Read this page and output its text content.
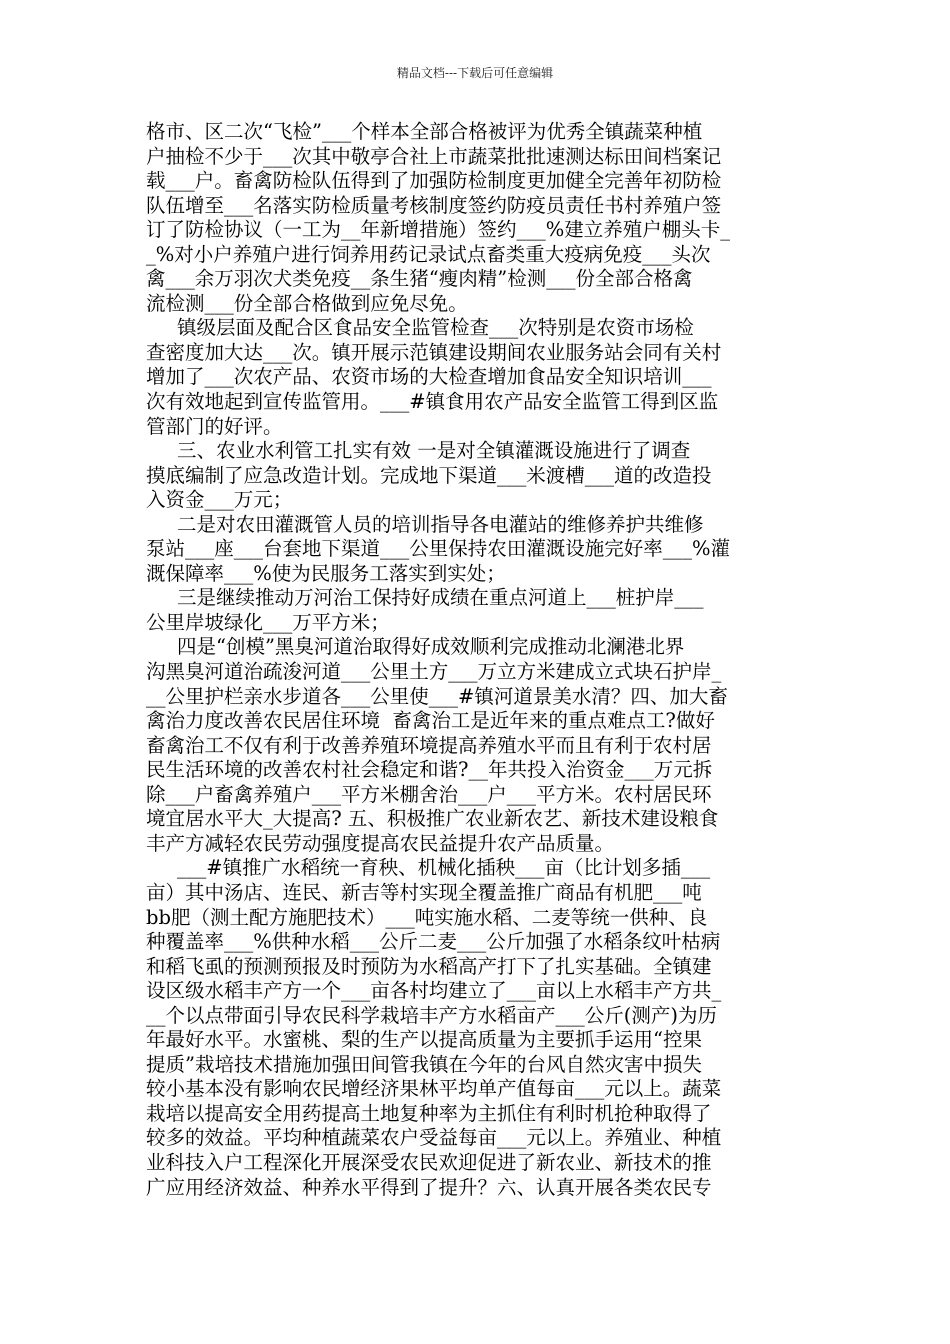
精品文档---下载后可任意编辑
格市、区二次“飞检”___个样本全部合格被评为优秀全镇蔬菜种植
户抽检不少于___次其中敬亭合社上市蔬菜批批速测达标田间档案记
载___户。畜禽防检队伍得到了加强防检制度更加健全完善年初防检
队伍增至___名落实防检质量考核制度签约防疫员责任书村养殖户签
订了防检协议（一工为__年新增措施）签约___%建立养殖户棚头卡_
_%对小户养殖户进行饲养用药记录试点畜类重大疫病免疫___头次
禽___余万羽次犬类免疫__条生猪“瘦肉精”检测___份全部合格禽
流检测___份全部合格做到应免尽免。
镇级层面及配合区食品安全监管检查___次特别是农资市场检
查密度加大达___次。镇开展示范镇建设期间农业服务站会同有关村
增加了___次农产品、农资市场的大检查增加食品安全知识培训___
次有效地起到宣传监管用。___#镇食用农产品安全监管工得到区监
管部门的好评。
三、农业水利管工扎实有效 一是对全镇灌溉设施进行了调查
摸底编制了应急改造计划。完成地下渠道___米渡槽___道的改造投
入资金___万元；
二是对农田灌溉管人员的培训指导各电灌站的维修养护共维修
泵站___座___台套地下渠道___公里保持农田灌溉设施完好率___%灌
溉保障率___%使为民服务工落实到实处；
三是继续推动万河治工保持好成绩在重点河道上___桩护岸___
公里岸坡绿化___万平方米；
四是“创模”黑臭河道治取得好成效顺利完成推动北澜港北界
沟黑臭河道治疏浚河道___公里土方___万立方米建成立式块石护岸_
__公里护栏亲水步道各___公里使___#镇河道景美水清？四、加大畜
禽治力度改善农民居住环境  畜禽治工是近年来的重点难点工?做好
畜禽治工不仅有利于改善养殖环境提高养殖水平而且有利于农村居
民生活环境的改善农村社会稳定和谐?__年共投入治资金___万元拆
除___户畜禽养殖户___平方米棚舍治___户___平方米。农村居民环
境宜居水平大_大提高? 五、积极推广农业新农艺、新技术建设粮食
丰产方减轻农民劳动强度提高农民益提升农产品质量。
___#镇推广水稻统一育秧、机械化插秧___亩（比计划多插___
亩）其中汤店、连民、新吉等村实现全覆盖推广商品有机肥___吨
bb肥（测土配方施肥技术）___吨实施水稻、二麦等统一供种、良
种覆盖率___%供种水稻___公斤二麦___公斤加强了水稻条纹叶枯病
和稻飞虱的预测预报及时预防为水稻高产打下了扎实基础。全镇建
设区级水稻丰产方一个___亩各村均建立了___亩以上水稻丰产方共_
__个以点带面引导农民科学栽培丰产方水稻亩产___公斤(测产)为历
年最好水平。水蜜桃、梨的生产以提高质量为主要抓手运用“控果
提质”栽培技术措施加强田间管我镇在今年的台风自然灾害中损失
较小基本没有影响农民增经济果林平均单产值每亩___元以上。蔬菜
栽培以提高安全用药提高土地复种率为主抓住有利时机抢种取得了
较多的效益。平均种植蔬菜农户受益每亩___元以上。养殖业、种植
业科技入户工程深化开展深受农民欢迎促进了新农业、新技术的推
广应用经济效益、种养水平得到了提升？六、认真开展各类农民专
